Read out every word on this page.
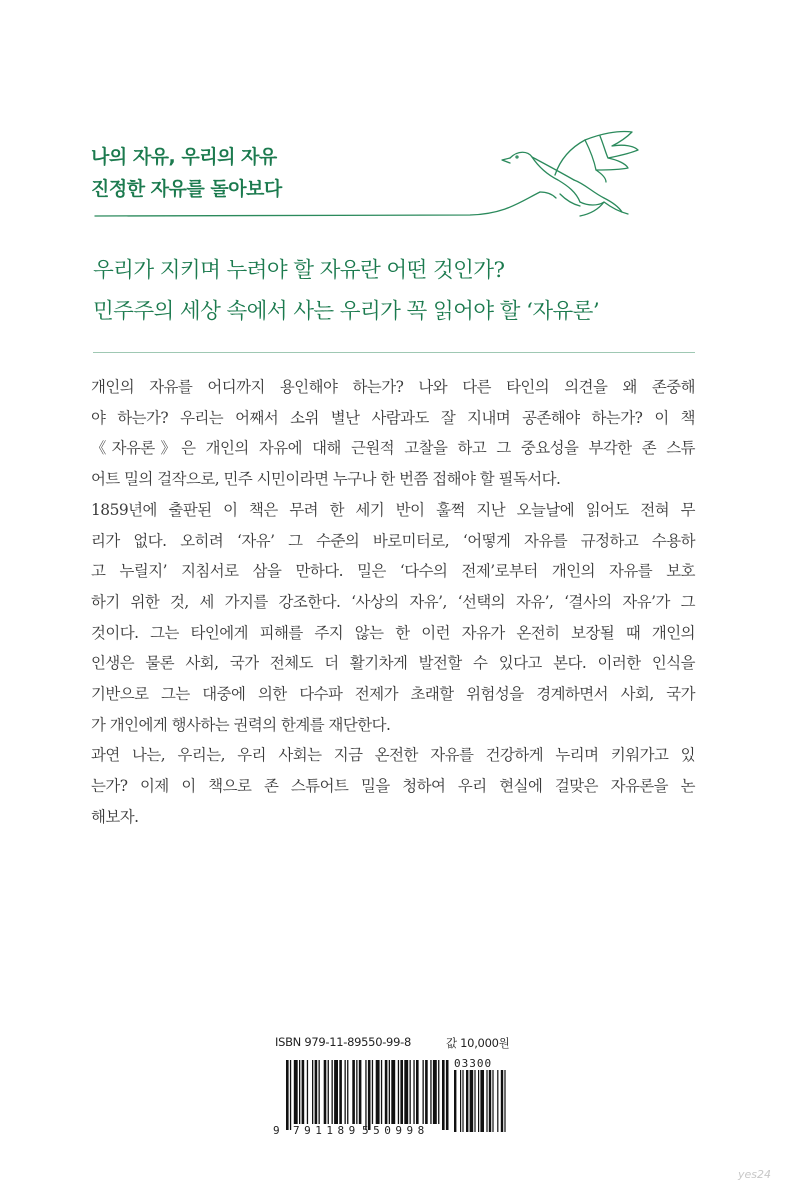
나의 자유, 우리의 자유
진정한 자유를 돌아보다
우리가 지키며 누려야 할 자유란 어떤 것인가?
민주주의 세상 속에서 사는 우리가 꼭 읽어야 할 ‘자유론’
개인의 자유를 어디까지 용인해야 하는가? 나와 다른 타인의 의견을 왜 존중해
야 하는가? 우리는 어째서 소위 별난 사람과도 잘 지내며 공존해야 하는가? 이 책
《자유론》은 개인의 자유에 대해 근원적 고찰을 하고 그 중요성을 부각한 존 스튜
어트 밀의 걸작으로, 민주 시민이라면 누구나 한 번쯤 접해야 할 필독서다.
1859년에 출판된 이 책은 무려 한 세기 반이 훌쩍 지난 오늘날에 읽어도 전혀 무
리가 없다. 오히려 ‘자유’ 그 수준의 바로미터로, ‘어떻게 자유를 규정하고 수용하
고 누릴지’ 지침서로 삼을 만하다. 밀은 ‘다수의 전제’로부터 개인의 자유를 보호
하기 위한 것, 세 가지를 강조한다. ‘사상의 자유’, ‘선택의 자유’, ‘결사의 자유’가 그
것이다. 그는 타인에게 피해를 주지 않는 한 이런 자유가 온전히 보장될 때 개인의
인생은 물론 사회, 국가 전체도 더 활기차게 발전할 수 있다고 본다. 이러한 인식을
기반으로 그는 대중에 의한 다수파 전제가 초래할 위험성을 경계하면서 사회, 국가
가 개인에게 행사하는 권력의 한계를 재단한다.
과연 나는, 우리는, 우리 사회는 지금 온전한 자유를 건강하게 누리며 키워가고 있
는가? 이제 이 책으로 존 스튜어트 밀을 청하여 우리 현실에 걸맞은 자유론을 논
해보자.
ISBN 979-11-89550-99-8	값 10,000원
03300
9 791189 550998
yes24
